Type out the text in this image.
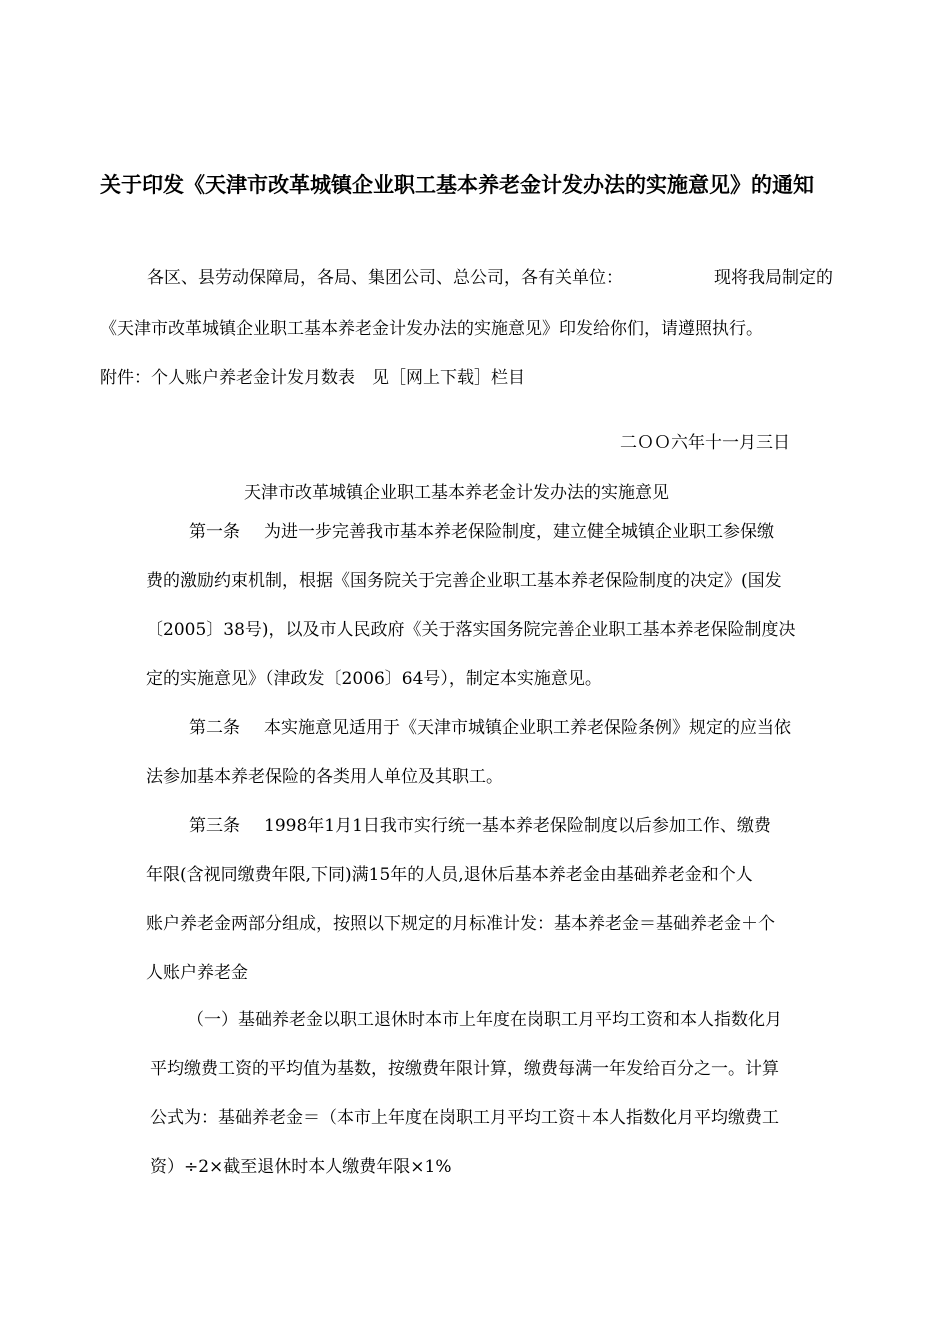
关于印发《天津市改革城镇企业职工基本养老金计发办法的实施意见》的通知
各区、县劳动保障局，各局、集团公司、总公司，各有关单位：	现将我局制定的
《天津市改革城镇企业职工基本养老金计发办法的实施意见》印发给你们，请遵照执行。
附件：个人账户养老金计发月数表　见［网上下载］栏目
二ＯＯ六年十一月三日
天津市改革城镇企业职工基本养老金计发办法的实施意见
第一条 为进一步完善我市基本养老保险制度，建立健全城镇企业职工参保缴
费的激励约束机制，根据《国务院关于完善企业职工基本养老保险制度的决定》(国发
〔2005〕38号)，以及市人民政府《关于落实国务院完善企业职工基本养老保险制度决
定的实施意见》（津政发〔2006〕64号），制定本实施意见。
第二条 本实施意见适用于《天津市城镇企业职工养老保险条例》规定的应当依
法参加基本养老保险的各类用人单位及其职工。
第三条 1998年1月1日我市实行统一基本养老保险制度以后参加工作、缴费
年限(含视同缴费年限,下同)满15年的人员,退休后基本养老金由基础养老金和个人
账户养老金两部分组成，按照以下规定的月标准计发：基本养老金＝基础养老金＋个
人账户养老金
（一）基础养老金以职工退休时本市上年度在岗职工月平均工资和本人指数化月
平均缴费工资的平均值为基数，按缴费年限计算，缴费每满一年发给百分之一。计算
公式为：基础养老金＝（本市上年度在岗职工月平均工资＋本人指数化月平均缴费工
资）÷2×截至退休时本人缴费年限×1%
